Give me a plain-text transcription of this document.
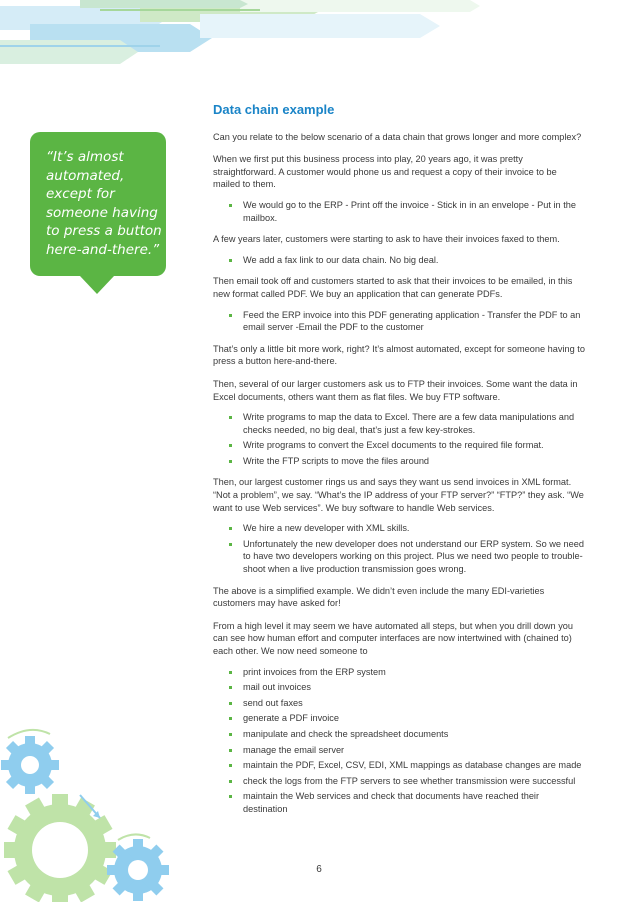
“It’s almost automated, except for someone having to press a button here-and-there.”
Data chain example

Can you relate to the below scenario of a data chain that grows longer and more complex?

When we first put this business process into play, 20 years ago, it was pretty straightforward. A customer would phone us and request a copy of their invoice to be mailed to them.

We would go to the ERP - Print off the invoice - Stick in in an envelope - Put in the mailbox.

A few years later, customers were starting to ask to have their invoices faxed to them.

We add a fax link to our data chain. No big deal.

Then email took off and customers started to ask that their invoices to be emailed, in this new format called PDF. We buy an application that can generate PDFs.

Feed the ERP invoice into this PDF generating application - Transfer the PDF to an email server -Email the PDF to the customer

That’s only a little bit more work, right? It’s almost automated, except for someone having to press a button here-and-there.

Then, several of our larger customers ask us to FTP their invoices. Some want the data in Excel documents, others want them as flat files. We buy FTP software.

Write programs to map the data to Excel. There are a few data manipulations and checks needed, no big deal, that’s just a few key-strokes.
Write programs to convert the Excel documents to the required file format.
Write the FTP scripts to move the files around

Then, our largest customer rings us and says they want us send invoices in XML format. “Not a problem”, we say. “What’s the IP address of your FTP server?” “FTP?” they ask. “We want to use Web services”. We buy software to handle Web services.

We hire a new developer with XML skills.
Unfortunately the new developer does not understand our ERP system. So we need to have two developers working on this project. Plus we need two people to trouble-shoot when a live production transmission goes wrong.

The above is a simplified example. We didn’t even include the many EDI-varieties customers may have asked for!

From a high level it may seem we have automated all steps, but when you drill down you can see how human effort and computer interfaces are now intertwined with (chained to) each other. We now need someone to

print invoices from the ERP system
mail out invoices
send out faxes
generate a PDF invoice
manipulate and check the spreadsheet documents
manage the email server
maintain the PDF, Excel, CSV, EDI, XML mappings as database changes are made
check the logs from the FTP servers to see whether transmission were successful
maintain the Web services and check that documents have reached their destination
6
